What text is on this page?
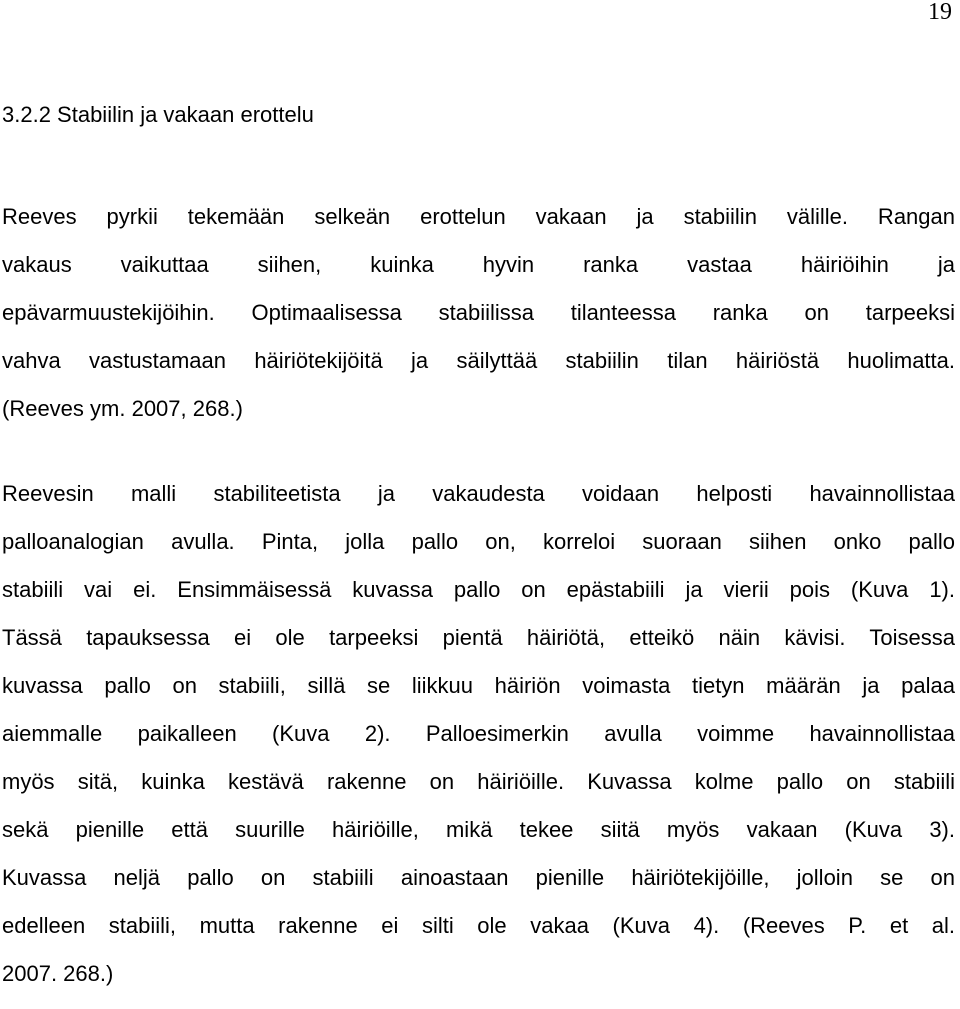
19
3.2.2 Stabiilin ja vakaan erottelu
Reeves pyrkii tekemään selkeän erottelun vakaan ja stabiilin välille. Rangan
vakaus vaikuttaa siihen, kuinka hyvin ranka vastaa häiriöihin ja
epävarmuustekijöihin. Optimaalisessa stabiilissa tilanteessa ranka on tarpeeksi
vahva vastustamaan häiriötekijöitä ja säilyttää stabiilin tilan häiriöstä huolimatta.
(Reeves ym. 2007, 268.)
Reevesin malli stabiliteetista ja vakaudesta voidaan helposti havainnollistaa
palloanalogian avulla. Pinta, jolla pallo on, korreloi suoraan siihen onko pallo
stabiili vai ei. Ensimmäisessä kuvassa pallo on epästabiili ja vierii pois (Kuva 1).
Tässä tapauksessa ei ole tarpeeksi pientä häiriötä, etteikö näin kävisi. Toisessa
kuvassa pallo on stabiili, sillä se liikkuu häiriön voimasta tietyn määrän ja palaa
aiemmalle paikalleen (Kuva 2). Palloesimerkin avulla voimme havainnollistaa
myös sitä, kuinka kestävä rakenne on häiriöille. Kuvassa kolme pallo on stabiili
sekä pienille että suurille häiriöille, mikä tekee siitä myös vakaan (Kuva 3).
Kuvassa neljä pallo on stabiili ainoastaan pienille häiriötekijöille, jolloin se on
edelleen stabiili, mutta rakenne ei silti ole vakaa (Kuva 4). (Reeves P. et al.
2007. 268.)
